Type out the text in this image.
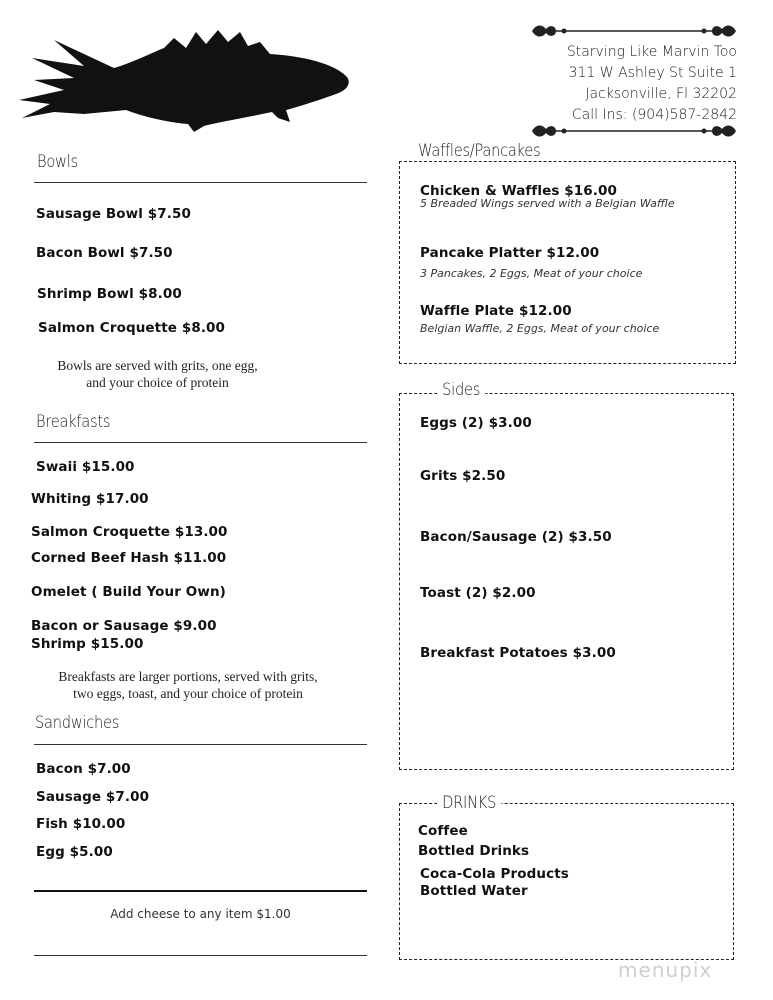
Starving Like Marvin Too
311 W Ashley St Suite 1
Jacksonville, Fl 32202
Call Ins: (904)587-2842
Bowls
Sausage Bowl $7.50
Bacon Bowl $7.50
Shrimp Bowl $8.00
Salmon Croquette $8.00
Bowls are served with grits, one egg, and your choice of protein
Breakfasts
Swaii $15.00
Whiting $17.00
Salmon Croquette $13.00
Corned Beef Hash $11.00
Omelet ( Build Your Own)
Bacon or Sausage $9.00
Shrimp $15.00
Breakfasts are larger portions, served with grits, two eggs, toast, and your choice of protein
Sandwiches
Bacon $7.00
Sausage $7.00
Fish $10.00
Egg $5.00
Add cheese to any item $1.00
Waffles/Pancakes
Chicken & Waffles $16.00
5 Breaded Wings served with a Belgian Waffle
Pancake Platter $12.00
3 Pancakes, 2 Eggs, Meat of your choice
Waffle Plate $12.00
Belgian Waffle, 2 Eggs, Meat of your choice
Sides
Eggs (2) $3.00
Grits $2.50
Bacon/Sausage (2) $3.50
Toast (2) $2.00
Breakfast Potatoes $3.00
DRINKS
Coffee
Bottled Drinks
Coca-Cola Products
Bottled Water
menupix
